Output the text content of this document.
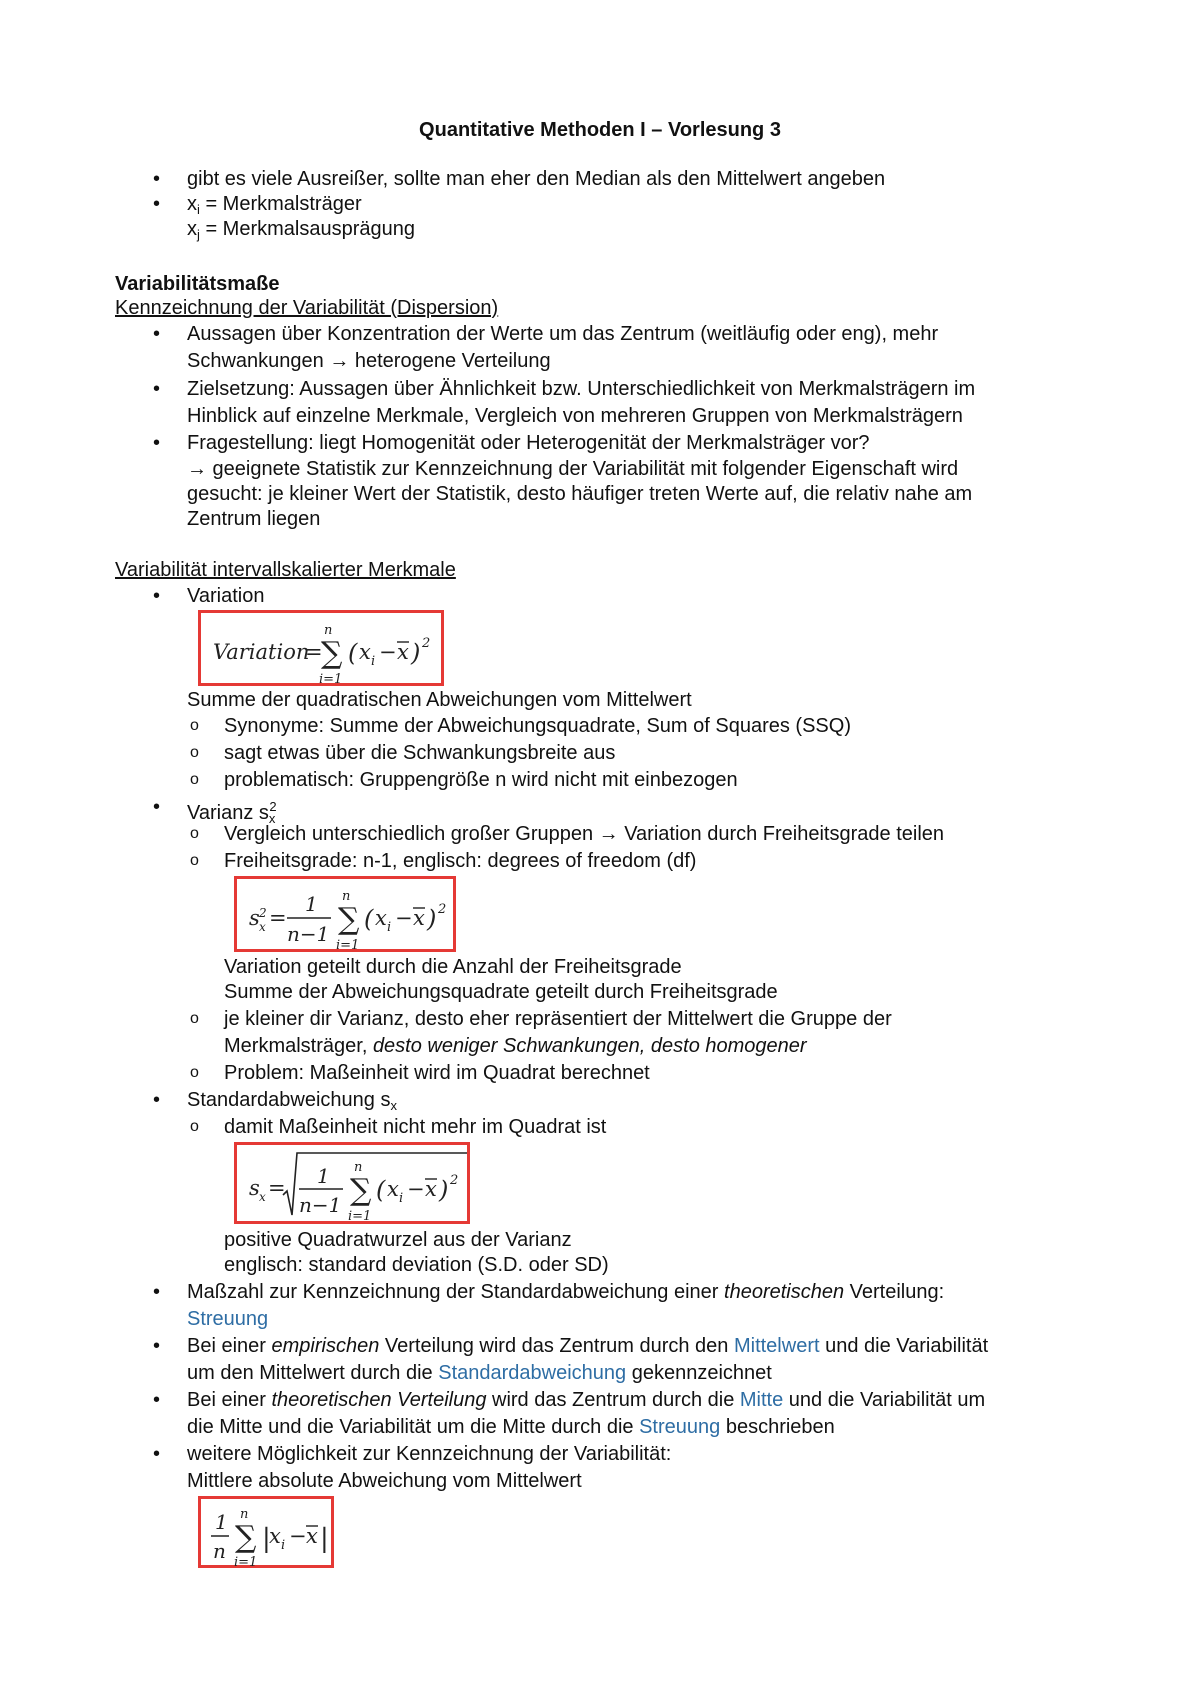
Quantitative Methoden I – Vorlesung 3
• gibt es viele Ausreißer, sollte man eher den Median als den Mittelwert angeben
• $x_i$ = Merkmalsträger
$x_j$ = Merkmalsausprägung
Variabilitätsmaße
Kennzeichnung der Variabilität (Dispersion)
• Aussagen über Konzentration der Werte um das Zentrum (weitläufig oder eng), mehr
Schwankungen → heterogene Verteilung
• Zielsetzung: Aussagen über Ähnlichkeit bzw. Unterschiedlichkeit von Merkmalsträgern im
Hinblick auf einzelne Merkmale, Vergleich von mehreren Gruppen von Merkmalsträgern
• Fragestellung: liegt Homogenität oder Heterogenität der Merkmalsträger vor?
→ geeignete Statistik zur Kennzeichnung der Variabilität mit folgender Eigenschaft wird
gesucht: je kleiner Wert der Statistik, desto häufiger treten Werte auf, die relativ nahe am
Zentrum liegen
Variabilität intervallskalierter Merkmale
• Variation
Variation
=
n
∑
i=1
( x i − x ) 2
Summe der quadratischen Abweichungen vom Mittelwert
o Synonyme: Summe der Abweichungsquadrate, Sum of Squares (SSQ)
o sagt etwas über die Schwankungsbreite aus
o problematisch: Gruppengröße n wird nicht mit einbezogen
• Varianz $s_x^2$
o Vergleich unterschiedlich großer Gruppen → Variation durch Freiheitsgrade teilen
o Freiheitsgrade: n-1, englisch: degrees of freedom (df)
s 2
x =
1
n−1
n
∑
i=1
( x i − x ) 2
Variation geteilt durch die Anzahl der Freiheitsgrade
Summe der Abweichungsquadrate geteilt durch Freiheitsgrade
o je kleiner dir Varianz, desto eher repräsentiert der Mittelwert die Gruppe der
Merkmalsträger, desto weniger Schwankungen, desto homogener
o Problem: Maßeinheit wird im Quadrat berechnet
• Standardabweichung $s_x$
o damit Maßeinheit nicht mehr im Quadrat ist
s x = 1
n−1
n
∑
i=1
( x i − x ) 2
positive Quadratwurzel aus der Varianz
englisch: standard deviation (S.D. oder SD)
• Maßzahl zur Kennzeichnung der Standardabweichung einer theoretischen Verteilung:
Streuung
• Bei einer empirischen Verteilung wird das Zentrum durch den Mittelwert und die Variabilität
um den Mittelwert durch die Standardabweichung gekennzeichnet
• Bei einer theoretischen Verteilung wird das Zentrum durch die Mitte und die Variabilität um
die Mitte und die Variabilität um die Mitte durch die Streuung beschrieben
• weitere Möglichkeit zur Kennzeichnung der Variabilität:
Mittlere absolute Abweichung vom Mittelwert
1
n
n
∑
i=1
|
x i − x |
